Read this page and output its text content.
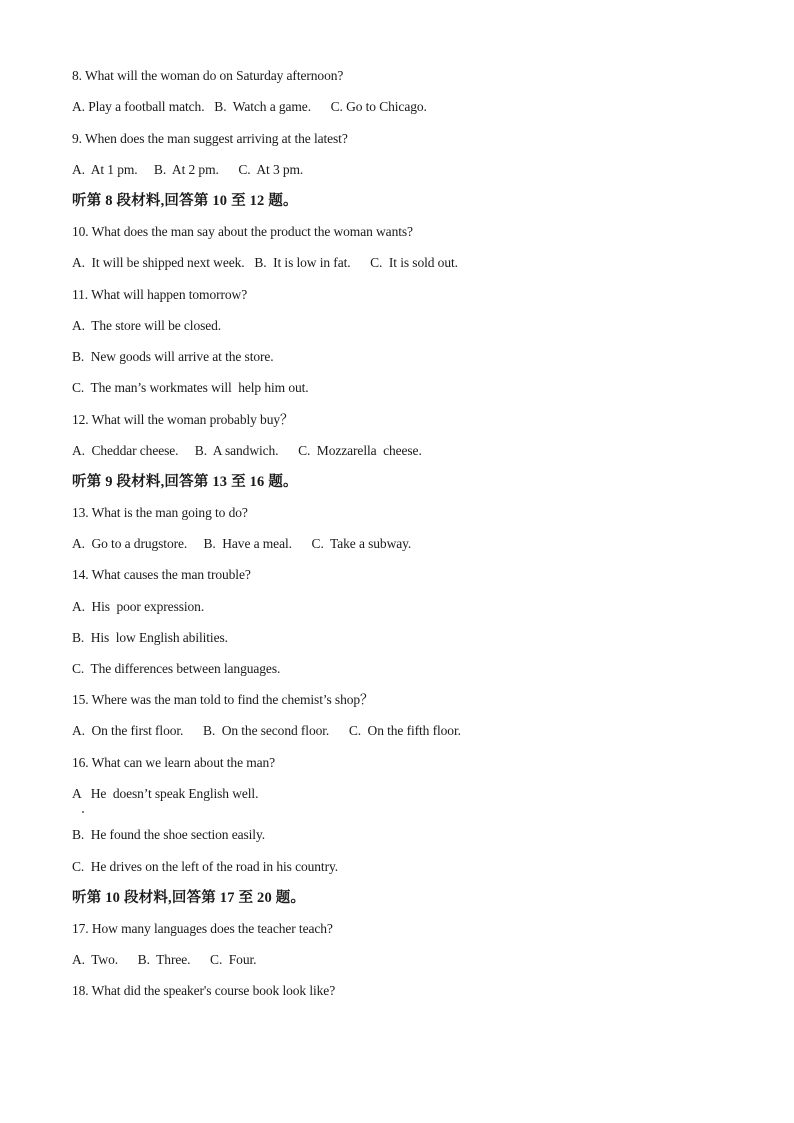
8. What will the woman do on Saturday afternoon?
A. Play a football match.   B.  Watch a game.      C. Go to Chicago.
9. When does the man suggest arriving at the latest?
A.  At 1 pm.     B.  At 2 pm.      C.  At 3 pm.
听第 8 段材料,回答第 10 至 12 题。
10. What does the man say about the product the woman wants?
A.  It will be shipped next week.   B.  It is low in fat.      C.  It is sold out.
11. What will happen tomorrow?
A.  The store will be closed.
B.  New goods will arrive at the store.
C.  The man’s workmates will  help him out.
12. What will the woman probably buy？
A.  Cheddar cheese.     B.  A sandwich.      C.  Mozzarella  cheese.
听第 9 段材料,回答第 13 至 16 题。
13. What is the man going to do?
A.  Go to a drugstore.     B.  Have a meal.      C.  Take a subway.
14. What causes the man trouble?
A.  His  poor expression.
B.  His  low English abilities.
C.  The differences between languages.
15. Where was the man told to find the chemist’s shop？
A.  On the first floor.      B.  On the second floor.      C.  On the fifth floor.
16. What can we learn about the man?
A   He  doesn’t speak English well.
B.  He found the shoe section easily.
C.  He drives on the left of the road in his country.
听第 10 段材料,回答第 17 至 20 题。
17. How many languages does the teacher teach?
A.  Two.      B.  Three.      C.  Four.
18. What did the speaker's course book look like?
